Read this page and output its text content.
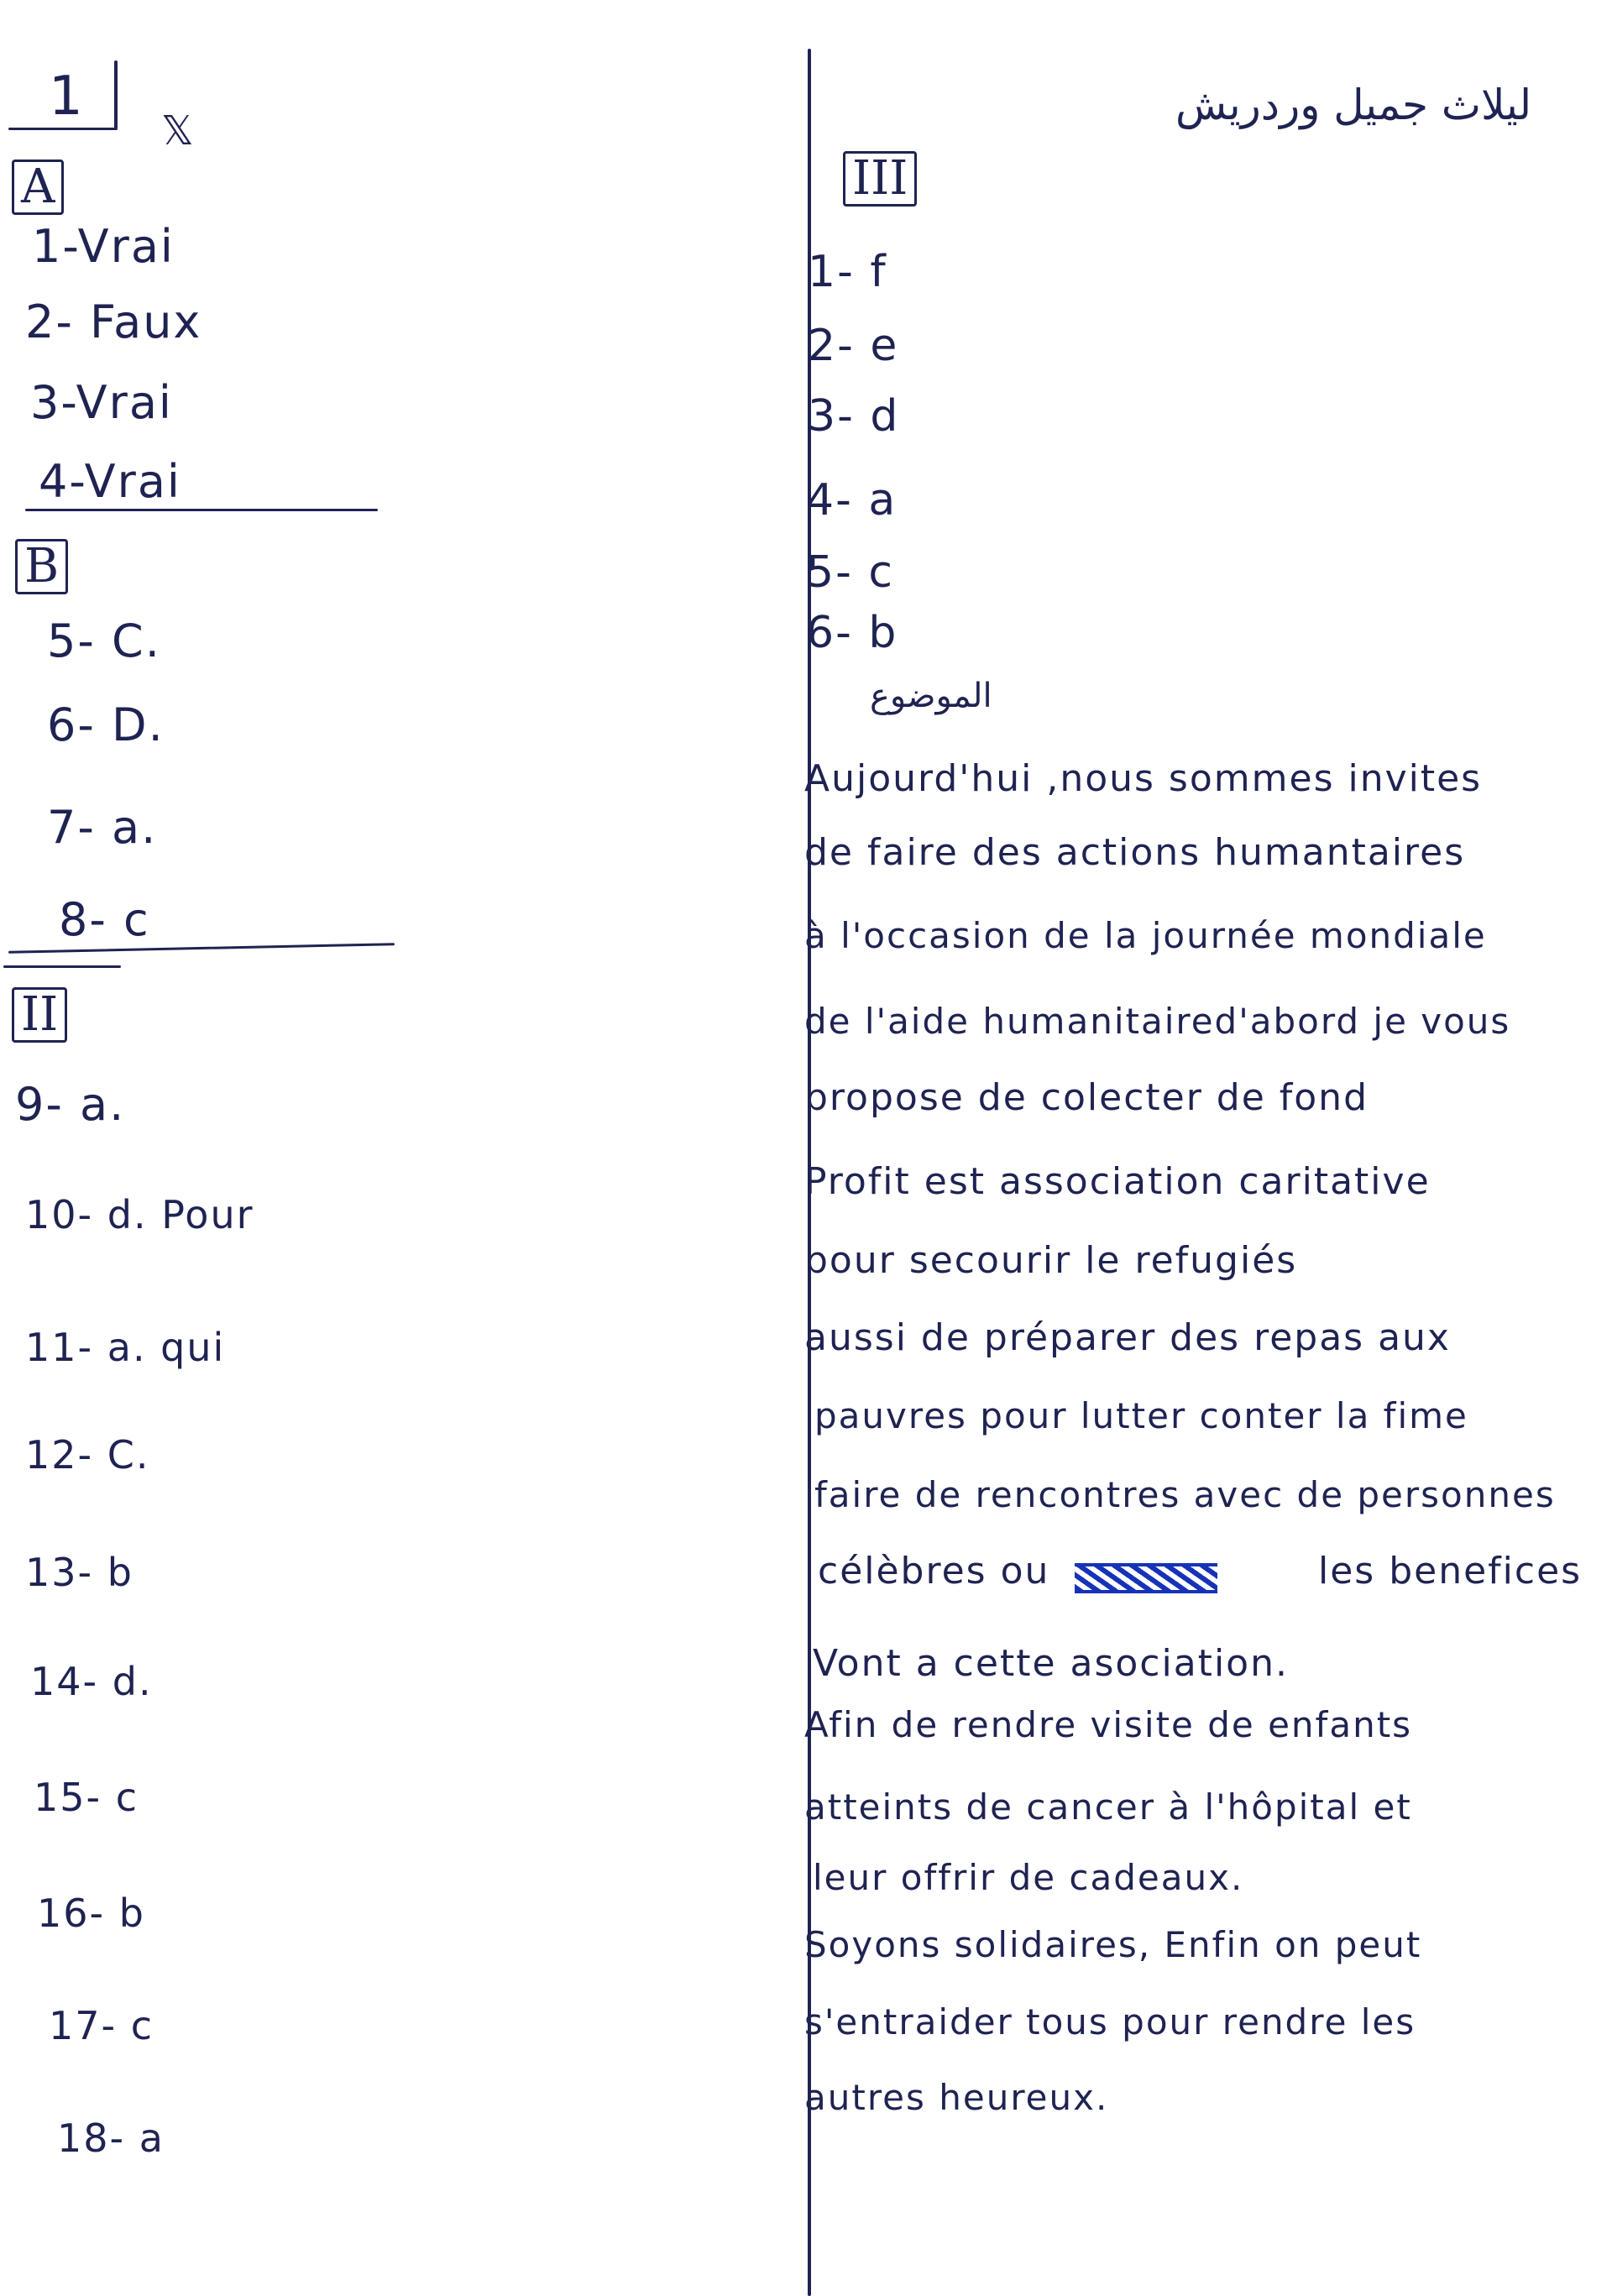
1
𝕏
ليلاث جميل وردريش
A
1-Vrai
2- Faux
3-Vrai
4-Vrai
B
5- C.
6- D.
7- a.
8- c
II
9- a.
10- d. Pour
11- a. qui
12- C.
13- b
14- d.
15- c
16- b
17- c
18- a
III
1- f
2- e
3- d
4- a
5- c
6- b
الموضوع
Aujourd'hui ,nous sommes invites
de faire des actions humantaires
à l'occasion de la journée mondiale
de l'aide humanitaired'abord je vous
propose de colecter de fond
Profit est association caritative
pour secourir le refugiés
aussi de préparer des repas aux
pauvres pour lutter conter la fime
faire de rencontres avec de personnes
célèbres ou	les benefices
Vont a cette asociation.
Afin de rendre visite de enfants
atteints de cancer à l'hôpital et
leur offrir de cadeaux.
Soyons solidaires, Enfin on peut
s'entraider tous pour rendre les
autres heureux.
